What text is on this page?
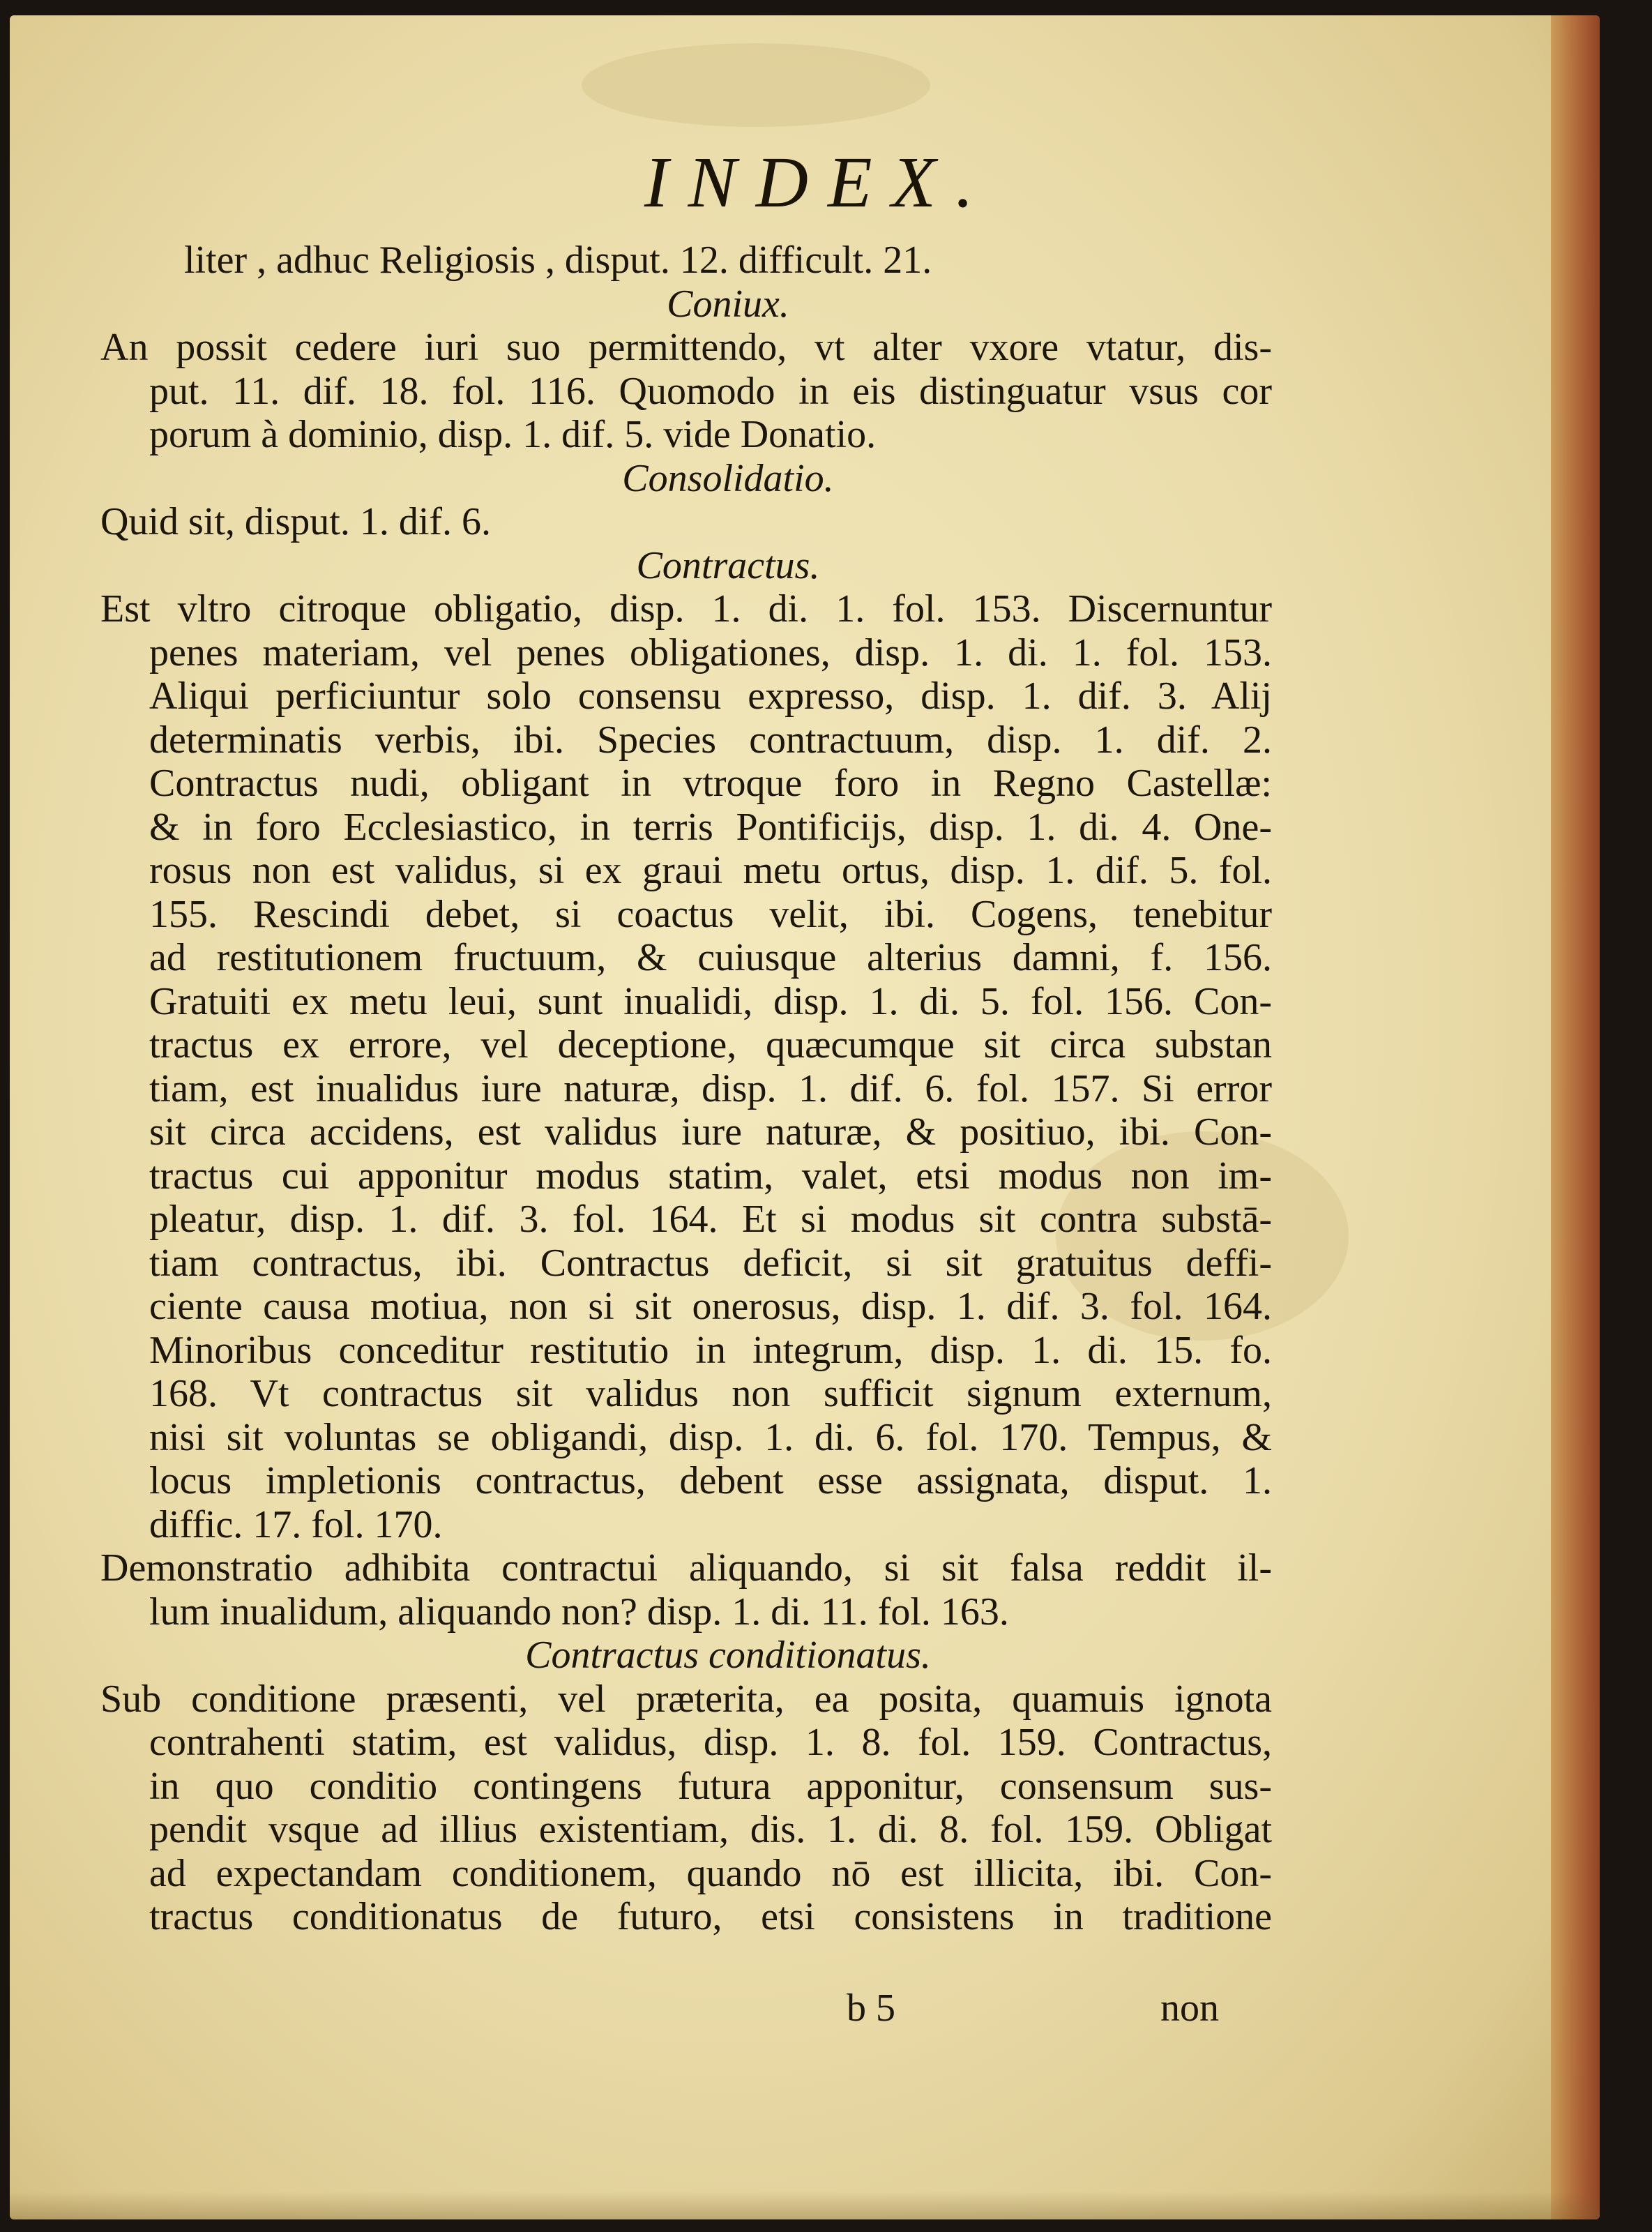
INDEX.
liter , adhuc Religiosis , disput. 12. difficult. 21.
Coniux.
An possit cedere iuri suo permittendo, vt alter vxore vtatur, dis-
put. 11. dif. 18. fol. 116. Quomodo in eis distinguatur vsus cor
porum à dominio, disp. 1. dif. 5. vide Donatio.
Consolidatio.
Quid sit, disput. 1. dif. 6.
Contractus.
Est vltro citroque obligatio, disp. 1. di. 1. fol. 153. Discernuntur
penes materiam, vel penes obligationes, disp. 1. di. 1. fol. 153.
Aliqui perficiuntur solo consensu expresso, disp. 1. dif. 3. Alij
determinatis verbis, ibi. Species contractuum, disp. 1. dif. 2.
Contractus nudi, obligant in vtroque foro in Regno Castellæ:
& in foro Ecclesiastico, in terris Pontificijs, disp. 1. di. 4. One-
rosus non est validus, si ex graui metu ortus, disp. 1. dif. 5. fol.
155. Rescindi debet, si coactus velit, ibi. Cogens, tenebitur
ad restitutionem fructuum, & cuiusque alterius damni, f. 156.
Gratuiti ex metu leui, sunt inualidi, disp. 1. di. 5. fol. 156. Con-
tractus ex errore, vel deceptione, quæcumque sit circa substan
tiam, est inualidus iure naturæ, disp. 1. dif. 6. fol. 157. Si error
sit circa accidens, est validus iure naturæ, & positiuo, ibi. Con-
tractus cui apponitur modus statim, valet, etsi modus non im-
pleatur, disp. 1. dif. 3. fol. 164. Et si modus sit contra substā-
tiam contractus, ibi. Contractus deficit, si sit gratuitus deffi-
ciente causa motiua, non si sit onerosus, disp. 1. dif. 3. fol. 164.
Minoribus conceditur restitutio in integrum, disp. 1. di. 15. fo.
168. Vt contractus sit validus non sufficit signum externum,
nisi sit voluntas se obligandi, disp. 1. di. 6. fol. 170. Tempus, &
locus impletionis contractus, debent esse assignata, disput. 1.
diffic. 17. fol. 170.
Demonstratio adhibita contractui aliquando, si sit falsa reddit il-
lum inualidum, aliquando non? disp. 1. di. 11. fol. 163.
Contractus conditionatus.
Sub conditione præsenti, vel præterita, ea posita, quamuis ignota
contrahenti statim, est validus, disp. 1. 8. fol. 159. Contractus,
in quo conditio contingens futura apponitur, consensum sus-
pendit vsque ad illius existentiam, dis. 1. di. 8. fol. 159. Obligat
ad expectandam conditionem, quando nō est illicita, ibi. Con-
tractus conditionatus de futuro, etsi consistens in traditione
b 5	non
